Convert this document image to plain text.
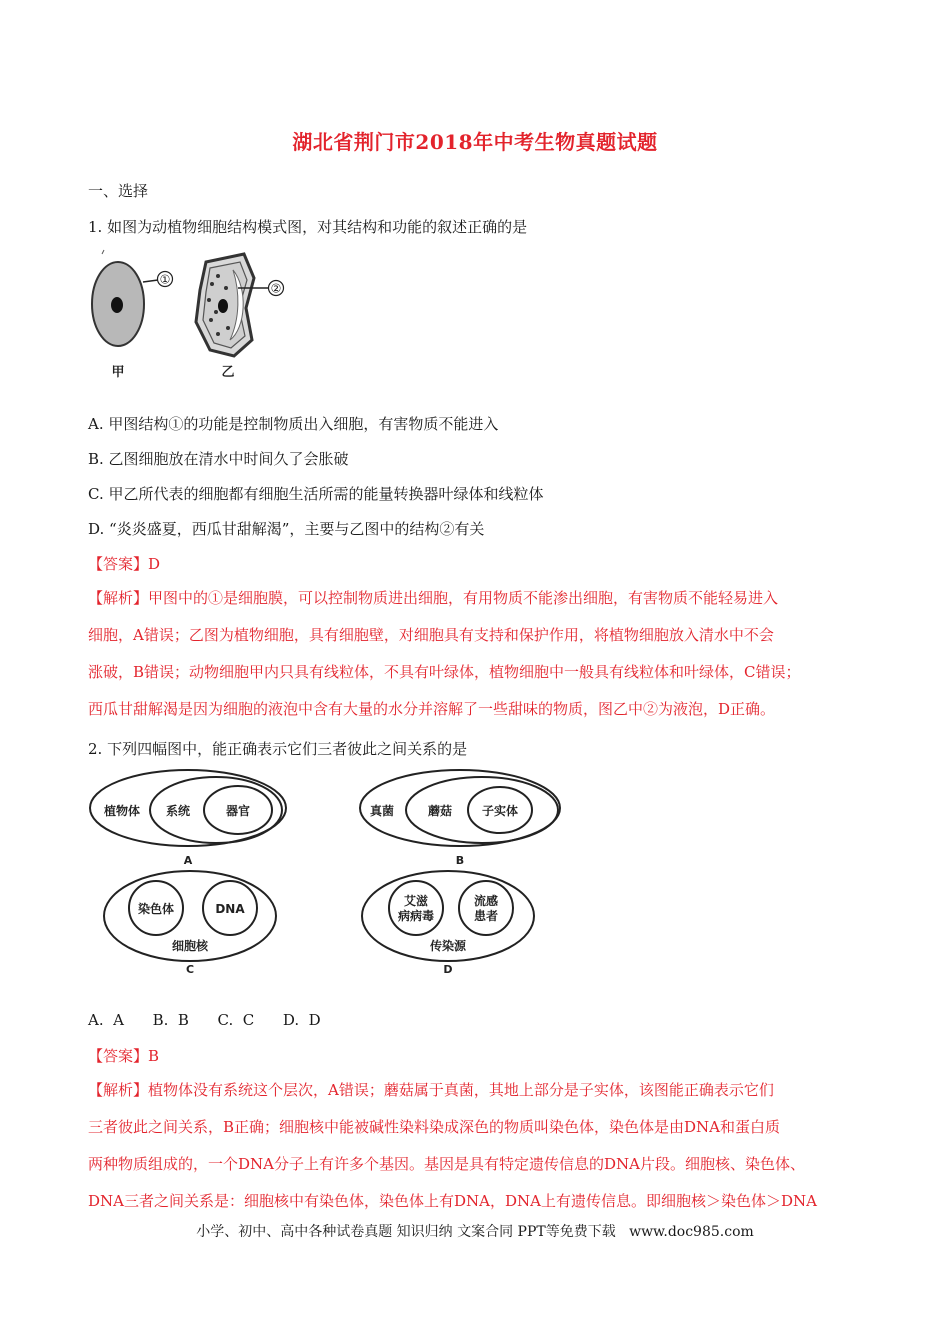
湖北省荆门市2018年中考生物真题试题
一、选择
1. 如图为动植物细胞结构模式图，对其结构和功能的叙述正确的是
①
甲
②
乙
A. 甲图结构①的功能是控制物质出入细胞，有害物质不能进入
B. 乙图细胞放在清水中时间久了会胀破
C. 甲乙所代表的细胞都有细胞生活所需的能量转换器叶绿体和线粒体
D. “炎炎盛夏，西瓜甘甜解渴”，主要与乙图中的结构②有关
【答案】D
【解析】甲图中的①是细胞膜，可以控制物质进出细胞，有用物质不能渗出细胞，有害物质不能轻易进入
细胞，A错误；乙图为植物细胞，具有细胞壁，对细胞具有支持和保护作用，将植物细胞放入清水中不会
涨破，B错误；动物细胞甲内只具有线粒体，不具有叶绿体，植物细胞中一般具有线粒体和叶绿体，C错误；
西瓜甘甜解渴是因为细胞的液泡中含有大量的水分并溶解了一些甜味的物质，图乙中②为液泡，D正确。
2. 下列四幅图中，能正确表示它们三者彼此之间关系的是
植物体 系统	器官
A
真菌	蘑菇 子实体
B
染色体	DNA
细胞核
C
艾滋
病病毒
流感
患者
传染源
D
A.  A      B.  B      C.  C      D.  D
【答案】B
【解析】植物体没有系统这个层次，A错误；蘑菇属于真菌，其地上部分是子实体，该图能正确表示它们
三者彼此之间关系，B正确；细胞核中能被碱性染料染成深色的物质叫染色体，染色体是由DNA和蛋白质
两种物质组成的，一个DNA分子上有许多个基因。基因是具有特定遗传信息的DNA片段。细胞核、染色体、
DNA三者之间关系是：细胞核中有染色体，染色体上有DNA，DNA上有遗传信息。即细胞核＞染色体＞DNA
小学、初中、高中各种试卷真题 知识归纳 文案合同 PPT等免费下载   www.doc985.com
